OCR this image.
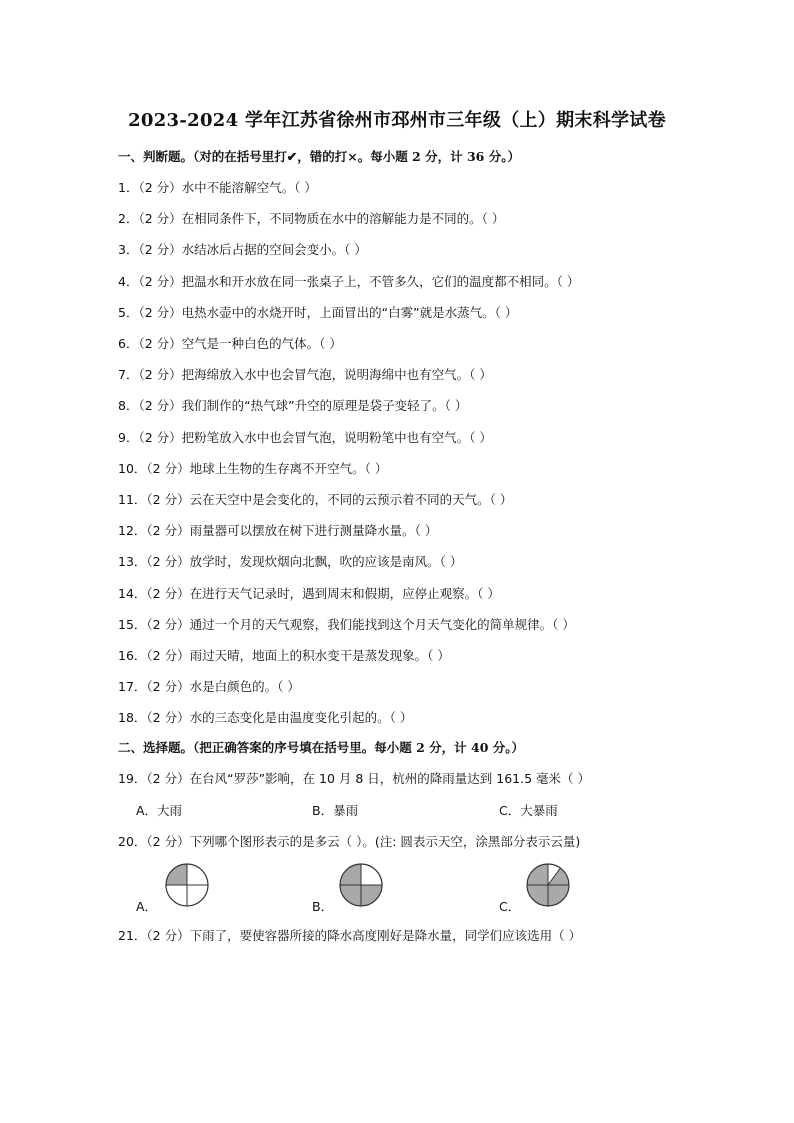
2023-2024 学年江苏省徐州市邳州市三年级（上）期末科学试卷
一、判断题。（对的在括号里打✔，错的打×。每小题 2 分，计 36 分。）
1．（2 分）水中不能溶解空气。（ ）
2．（2 分）在相同条件下，不同物质在水中的溶解能力是不同的。（ ）
3．（2 分）水结冰后占据的空间会变小。（ ）
4．（2 分）把温水和开水放在同一张桌子上，不管多久，它们的温度都不相同。（ ）
5．（2 分）电热水壶中的水烧开时，上面冒出的“白雾”就是水蒸气。（ ）
6．（2 分）空气是一种白色的气体。（ ）
7．（2 分）把海绵放入水中也会冒气泡，说明海绵中也有空气。（ ）
8．（2 分）我们制作的“热气球”升空的原理是袋子变轻了。（ ）
9．（2 分）把粉笔放入水中也会冒气泡，说明粉笔中也有空气。（ ）
10．（2 分）地球上生物的生存离不开空气。（ ）
11．（2 分）云在天空中是会变化的，不同的云预示着不同的天气。（ ）
12．（2 分）雨量器可以摆放在树下进行测量降水量。（ ）
13．（2 分）放学时，发现炊烟向北飘，吹的应该是南风。（ ）
14．（2 分）在进行天气记录时，遇到周末和假期，应停止观察。（ ）
15．（2 分）通过一个月的天气观察，我们能找到这个月天气变化的简单规律。（ ）
16．（2 分）雨过天晴，地面上的积水变干是蒸发现象。（ ）
17．（2 分）水是白颜色的。（ ）
18．（2 分）水的三态变化是由温度变化引起的。（ ）
二、选择题。（把正确答案的序号填在括号里。每小题 2 分，计 40 分。）
19．（2 分）在台风“罗莎”影响，在 10 月 8 日，杭州的降雨量达到 161.5 毫米（ ）
A．大雨	B．暴雨	C．大暴雨
20．（2 分）下列哪个图形表示的是多云（ ）。(注: 圆表示天空，涂黑部分表示云量)
A．	B．	C．
21．（2 分）下雨了，要使容器所接的降水高度刚好是降水量，同学们应该选用（ ）
